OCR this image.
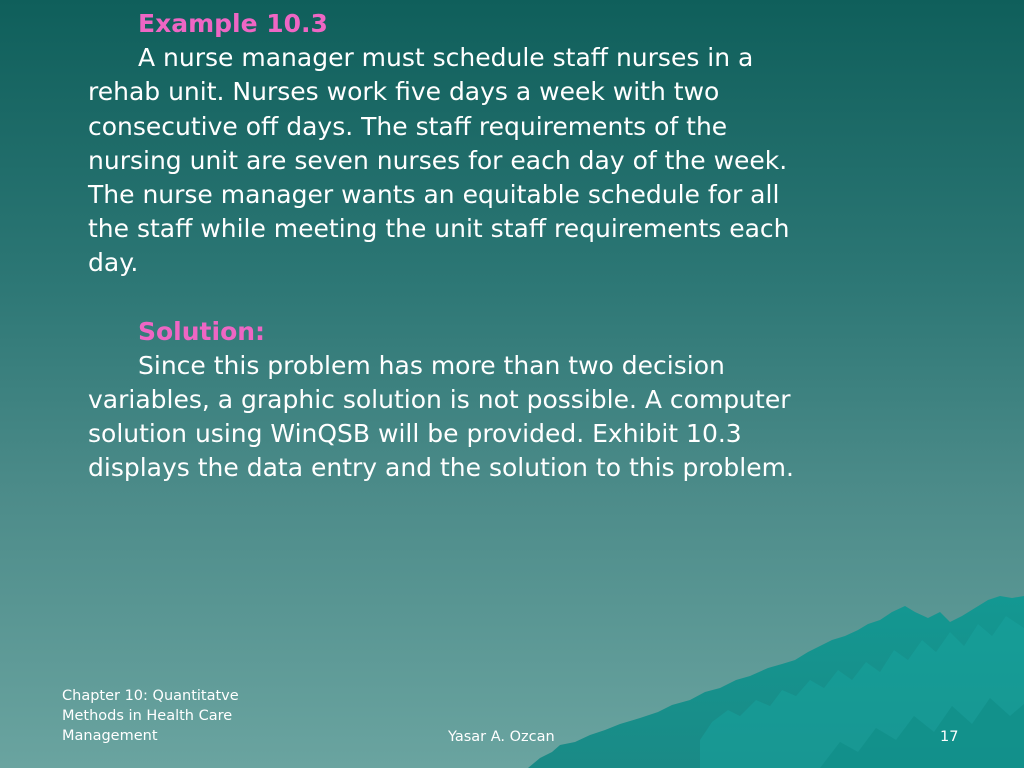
Example 10.3
A nurse manager must schedule staff nurses in a rehab unit. Nurses work five days a week with two consecutive off days. The staff requirements of the nursing unit are seven nurses for each day of the week. The nurse manager wants an equitable schedule for all the staff while meeting the unit staff requirements each day.
Solution:
Since this problem has more than two decision variables, a graphic solution is not possible. A computer solution using WinQSB will be provided. Exhibit 10.3 displays the data entry and the solution to this problem.
Chapter 10: Quantitatve Methods in Health Care Management	Yasar A. Ozcan	17
